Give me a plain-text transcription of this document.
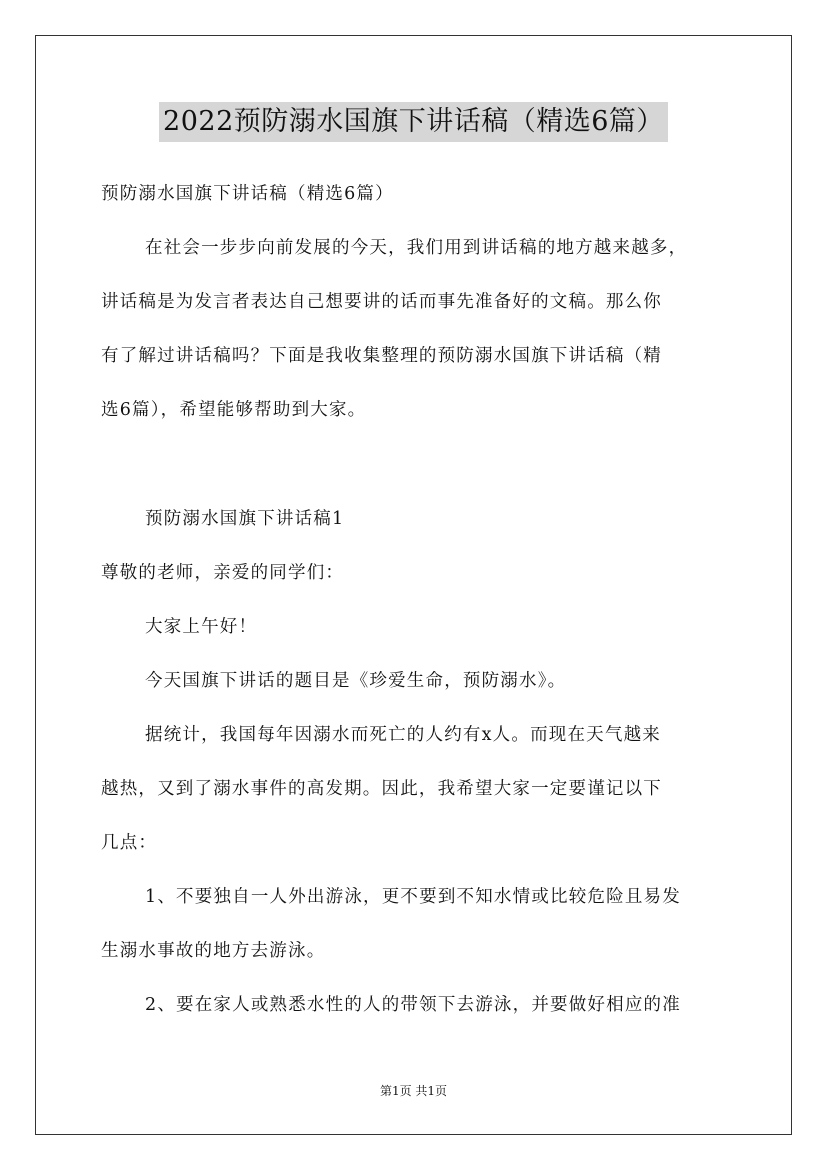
2022预防溺水国旗下讲话稿（精选6篇）
预防溺水国旗下讲话稿（精选6篇）
在社会一步步向前发展的今天，我们用到讲话稿的地方越来越多，
讲话稿是为发言者表达自己想要讲的话而事先准备好的文稿。那么你
有了解过讲话稿吗？下面是我收集整理的预防溺水国旗下讲话稿（精
选6篇），希望能够帮助到大家。
预防溺水国旗下讲话稿1
尊敬的老师，亲爱的同学们：
大家上午好！
今天国旗下讲话的题目是《珍爱生命，预防溺水》。
据统计，我国每年因溺水而死亡的人约有x人。而现在天气越来
越热，又到了溺水事件的高发期。因此，我希望大家一定要谨记以下
几点：
1、不要独自一人外出游泳，更不要到不知水情或比较危险且易发
生溺水事故的地方去游泳。
2、要在家人或熟悉水性的人的带领下去游泳，并要做好相应的准
第1页 共1页
